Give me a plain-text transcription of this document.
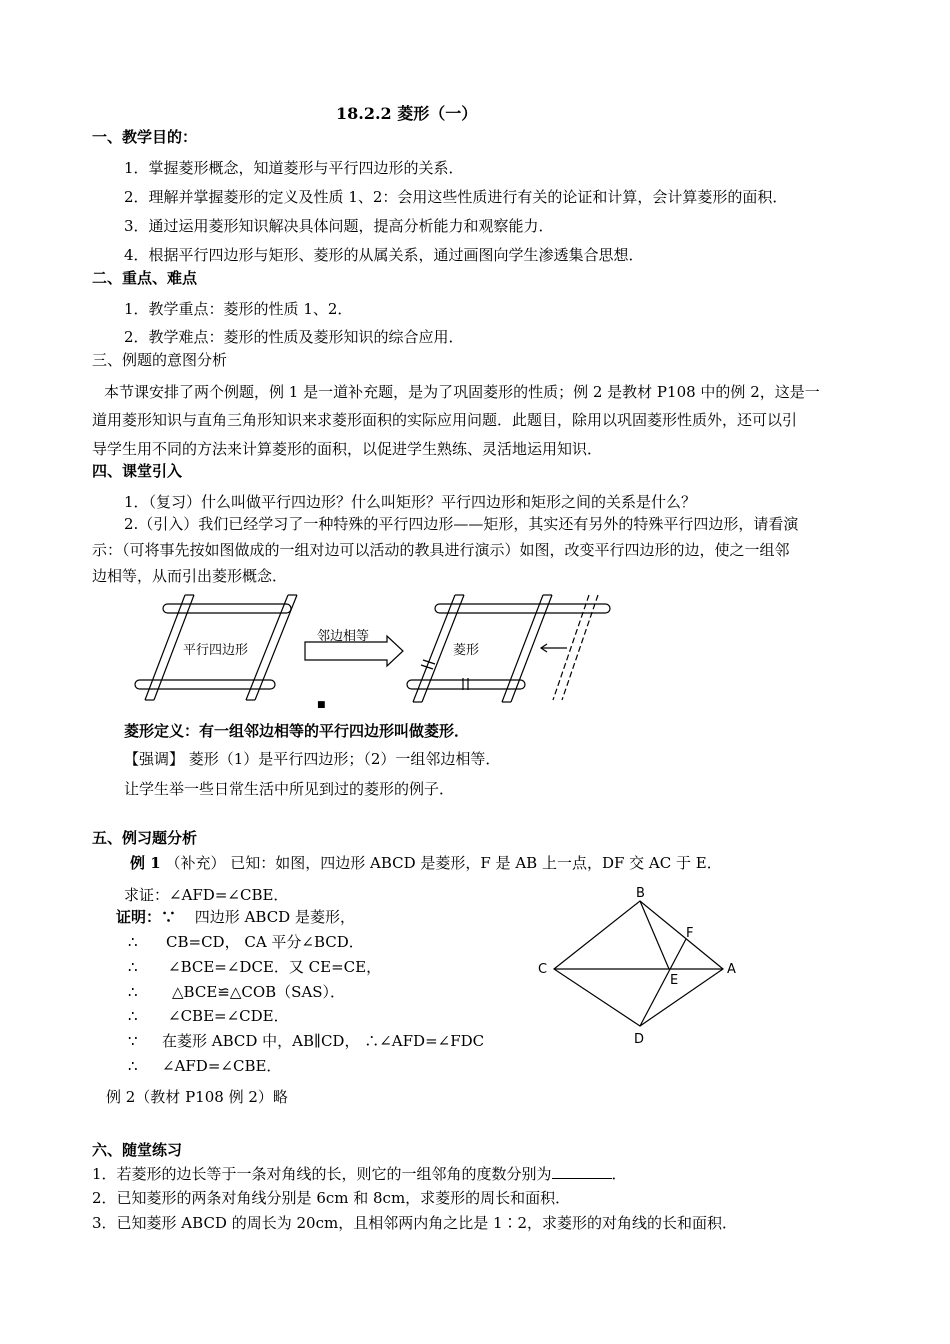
18.2.2 菱形（一）
一、教学目的：
1．掌握菱形概念，知道菱形与平行四边形的关系．
2．理解并掌握菱形的定义及性质 1、2：会用这些性质进行有关的论证和计算，会计算菱形的面积．
3．通过运用菱形知识解决具体问题，提高分析能力和观察能力．
4．根据平行四边形与矩形、菱形的从属关系，通过画图向学生渗透集合思想．
二、重点、难点
1．教学重点：菱形的性质 1、2．
2．教学难点：菱形的性质及菱形知识的综合应用．
三、例题的意图分析
本节课安排了两个例题，例 1 是一道补充题，是为了巩固菱形的性质；例 2 是教材 P108 中的例 2，这是一
道用菱形知识与直角三角形知识来求菱形面积的实际应用问题．此题目，除用以巩固菱形性质外，还可以引
导学生用不同的方法来计算菱形的面积，以促进学生熟练、灵活地运用知识．
四、课堂引入
1．（复习）什么叫做平行四边形？什么叫矩形？平行四边形和矩形之间的关系是什么？
2.（引入）我们已经学习了一种特殊的平行四边形——矩形，其实还有另外的特殊平行四边形，请看演
示：（可将事先按如图做成的一组对边可以活动的教具进行演示）如图，改变平行四边形的边，使之一组邻
边相等，从而引出菱形概念．
平行四边形
邻边相等
菱形
■
菱形定义：有一组邻边相等的平行四边形叫做菱形．
【强调】 菱形（1）是平行四边形；（2）一组邻边相等．
让学生举一些日常生活中所见到过的菱形的例子．
五、例习题分析
例 1 （补充） 已知：如图，四边形 ABCD 是菱形，F 是 AB 上一点，DF 交 AC 于 E．
求证：∠AFD=∠CBE．
证明：∵ 四边形 ABCD 是菱形，
∴ CB=CD， CA 平分∠BCD．
∴ ∠BCE=∠DCE．又 CE=CE，
∴ △BCE≌△COB（SAS）．
∴ ∠CBE=∠CDE．
∵ 在菱形 ABCD 中，AB∥CD， ∴∠AFD=∠FDC
∴ ∠AFD=∠CBE．
B
C	A
D
E
F
例 2（教材 P108 例 2）略
六、随堂练习
1．若菱形的边长等于一条对角线的长，则它的一组邻角的度数分别为	．
2．已知菱形的两条对角线分别是 6cm 和 8cm，求菱形的周长和面积．
3．已知菱形 ABCD 的周长为 20cm，且相邻两内角之比是 1∶2，求菱形的对角线的长和面积．
